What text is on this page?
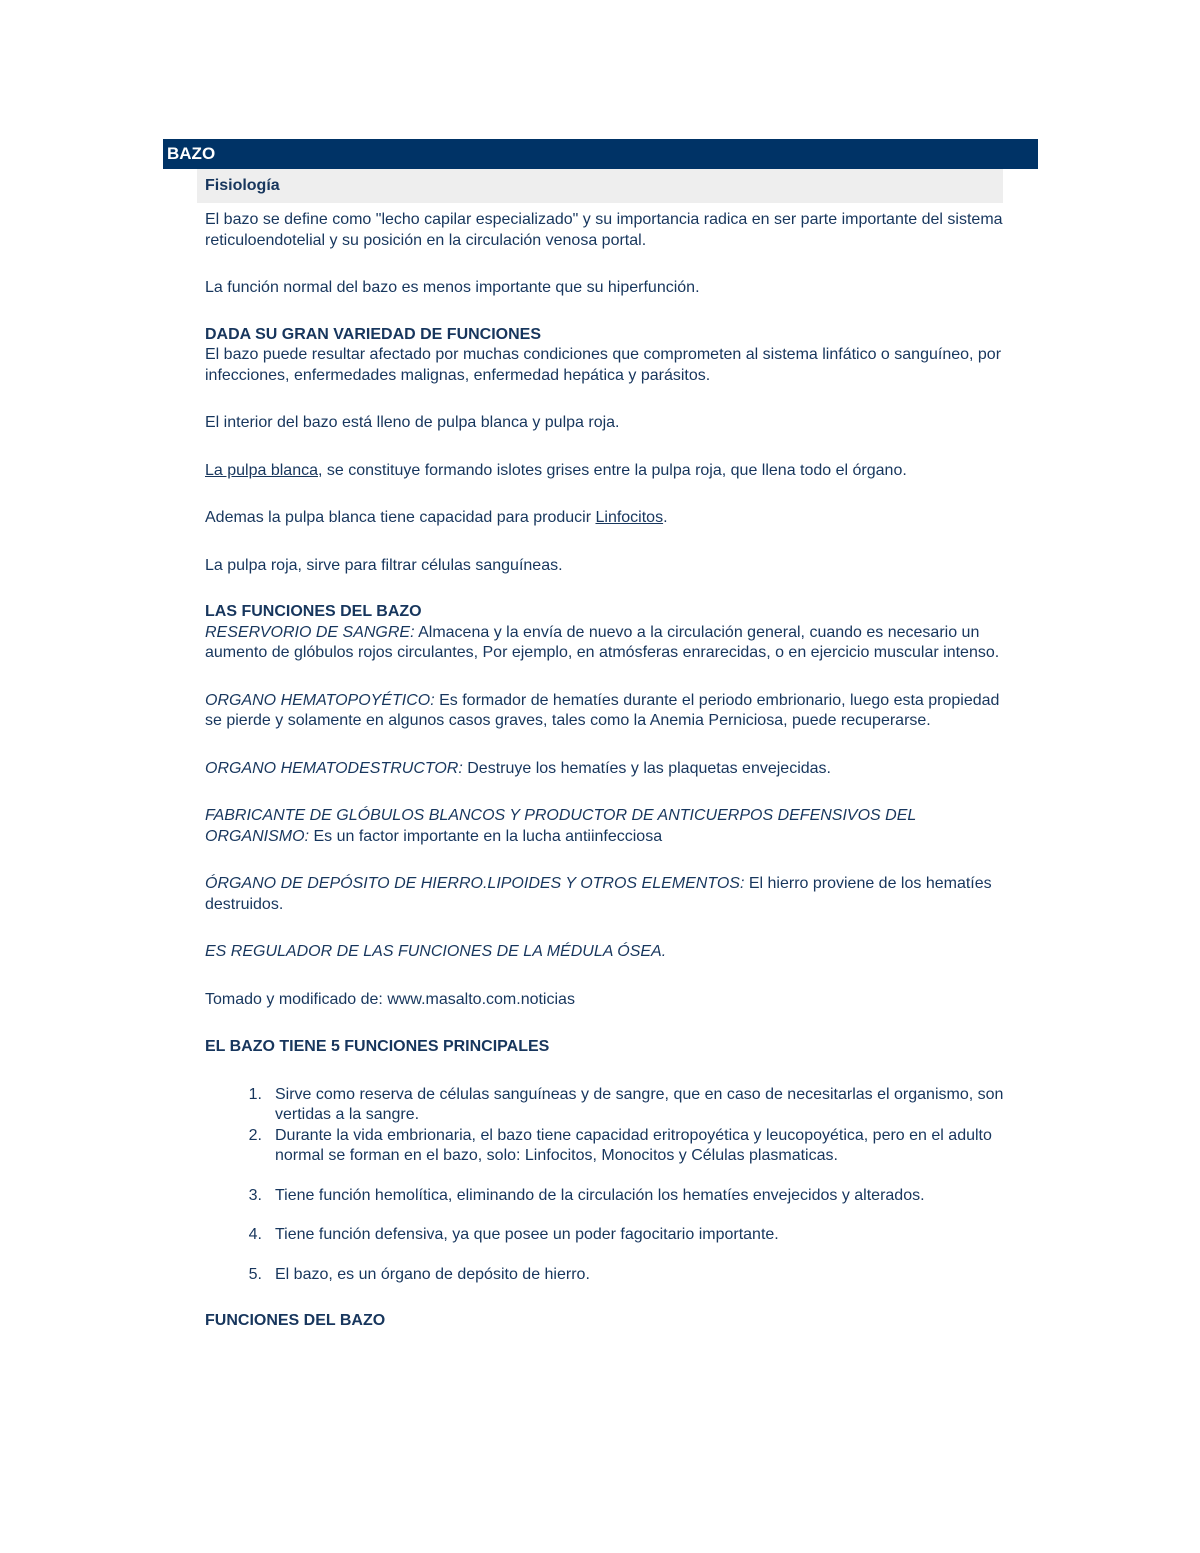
BAZO
Fisiología

El bazo se define como "lecho capilar especializado" y su importancia radica en ser parte importante del sistema reticuloendotelial y su posición en la circulación venosa portal.

La función normal del bazo es menos importante que su hiperfunción.

DADA SU GRAN VARIEDAD DE FUNCIONES
El bazo puede resultar afectado por muchas condiciones que comprometen al sistema linfático o sanguíneo, por infecciones, enfermedades malignas, enfermedad hepática y parásitos.

El interior del bazo está lleno de pulpa blanca y pulpa roja.

La pulpa blanca, se constituye formando islotes grises entre la pulpa roja, que llena todo el órgano.

Ademas la pulpa blanca tiene capacidad para producir Linfocitos.

La pulpa roja, sirve para filtrar células sanguíneas.

LAS FUNCIONES DEL BAZO
RESERVORIO DE SANGRE: Almacena y la envía de nuevo a la circulación general, cuando es necesario un aumento de glóbulos rojos circulantes, Por ejemplo, en atmósferas enrarecidas, o en ejercicio muscular intenso.

ORGANO HEMATOPOYÉTICO: Es formador de hematíes durante el periodo embrionario, luego esta propiedad se pierde y solamente en algunos casos graves, tales como la Anemia Perniciosa, puede recuperarse.

ORGANO HEMATODESTRUCTOR: Destruye los hematíes y las plaquetas envejecidas.

FABRICANTE DE GLÓBULOS BLANCOS Y PRODUCTOR DE ANTICUERPOS DEFENSIVOS DEL ORGANISMO: Es un factor importante en la lucha antiinfecciosa

ÓRGANO DE DEPÓSITO DE HIERRO.LIPOIDES Y OTROS ELEMENTOS: El hierro proviene de los hematíes destruidos.

ES REGULADOR DE LAS FUNCIONES DE LA MÉDULA ÓSEA.

Tomado y modificado de: www.masalto.com.noticias

EL BAZO TIENE 5 FUNCIONES PRINCIPALES

1. Sirve como reserva de células sanguíneas y de sangre, que en caso de necesitarlas el organismo, son vertidas a la sangre.
2. Durante la vida embrionaria, el bazo tiene capacidad eritropoyética y leucopoyética, pero en el adulto normal se forman en el bazo, solo: Linfocitos, Monocitos y Células plasmaticas.
3. Tiene función hemolítica, eliminando de la circulación los hematíes envejecidos y alterados.
4. Tiene función defensiva, ya que posee un poder fagocitario importante.
5. El bazo, es un órgano de depósito de hierro.

FUNCIONES DEL BAZO
